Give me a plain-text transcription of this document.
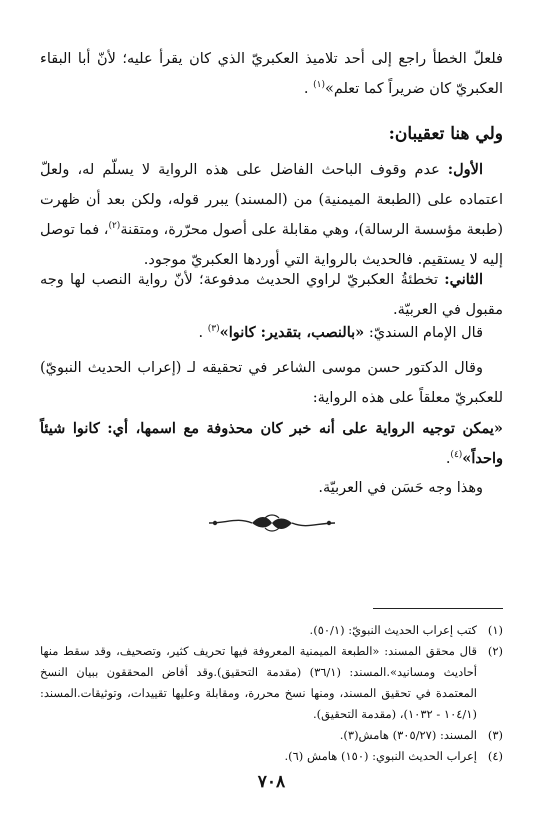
فلعلّ الخطأ راجع إلى أحد تلاميذ العكبريّ الذي كان يقرأ عليه؛ لأنّ أبا البقاء العكبريّ كان ضريراً كما تعلم»$^{(١)}$ .

ولي هنا تعقيبان:

الأول: عدم وقوف الباحث الفاضل على هذه الرواية لا يسلّم له، ولعلّ اعتماده على (الطبعة الميمنية) من (المسند) يبرر قوله، ولكن بعد أن ظهرت (طبعة مؤسسة الرسالة)، وهي مقابلة على أصول محرّرة، ومتقنة$^{(٢)}$، فما توصل إليه لا يستقيم. فالحديث بالرواية التي أوردها العكبريّ موجود.

الثاني: تخطئةُ العكبريّ لراوي الحديث مدفوعة؛ لأنّ رواية النصب لها وجه مقبول في العربيّة.

قال الإمام السنديّ: «بالنصب، بتقدير: كانوا»$^{(٣)}$ .

وقال الدكتور حسن موسى الشاعر في تحقيقه لـ (إعراب الحديث النبويّ) للعكبريّ معلقاً على هذه الرواية:

«يمكن توجيه الرواية على أنه خبر كان محذوفة مع اسمها، أي: كانوا شيئاً واحداً»$^{(٤)}$.

وهذا وجه حَسَن في العربيّة.

(١)
كتب إعراب الحديث النبويّ: (٥٠/١).
(٢)
قال محقق المسند: «الطبعة الميمنية المعروفة فيها تحريف كثير، وتصحيف، وقد سقط منها أحاديث ومسانيد».المسند: (٣٦/١) (مقدمة التحقيق).وقد أفاض المحققون ببيان النسخ المعتمدة في تحقيق المسند، ومنها نسخ محررة، ومقابلة وعليها تقييدات، وتوثيقات.المسند: (١٠٤/١ - ١٠٣٢)، (مقدمة التحقيق).
(٣)
المسند: (٣٠٥/٢٧) هامش(٣).
(٤)
إعراب الحديث النبوي: (١٥٠) هامش (٦).
٧٠٨
